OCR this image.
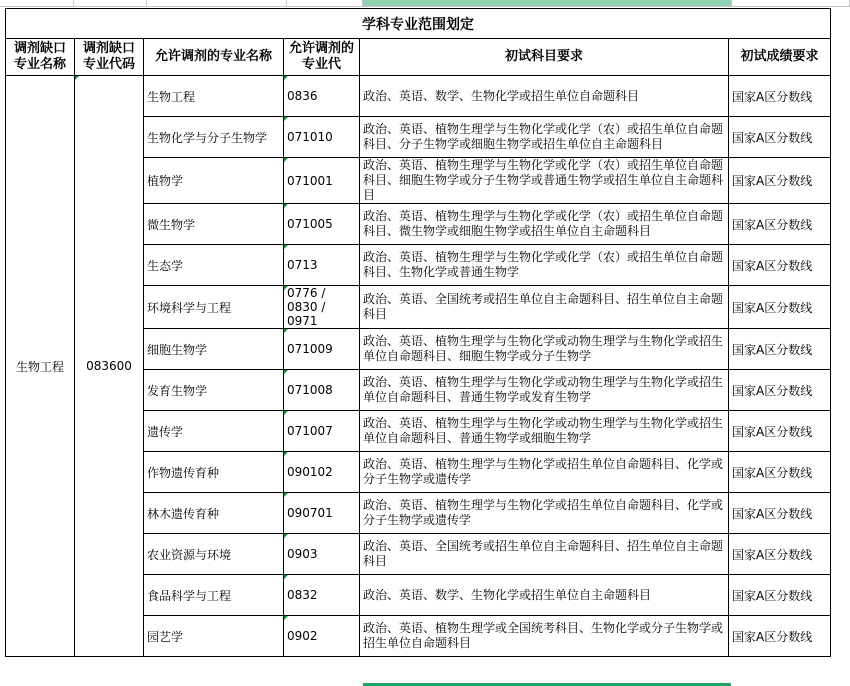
学科专业范围划定					
调剂缺口专业名称	调剂缺口专业代码	允许调剂的专业名称	允许调剂的专业代	初试科目要求	初试成绩要求
生物工程	083600	生物工程	0836	政治、英语、数学、生物化学或招生单位自命题科目	国家A区分数线
		生物化学与分子生物学	071010	政治、英语、植物生理学与生物化学或化学（农）或招生单位自命题科目、分子生物学或细胞生物学或招生单位自主命题科目	国家A区分数线
		植物学	071001	政治、英语、植物生理学与生物化学或化学（农）或招生单位自命题科目、细胞生物学或分子生物学或普通生物学或招生单位自主命题科目	国家A区分数线
		微生物学	071005	政治、英语、植物生理学与生物化学或化学（农）或招生单位自命题科目、微生物学或细胞生物学或招生单位自主命题科目	国家A区分数线
		生态学	0713	政治、英语、植物生理学与生物化学或化学（农）或招生单位自命题科目、生物化学或普通生物学	国家A区分数线
		环境科学与工程	0776 / 0830 / 0971	政治、英语、全国统考或招生单位自主命题科目、招生单位自主命题科目	国家A区分数线
		细胞生物学	071009	政治、英语、植物生理学与生物化学或动物生理学与生物化学或招生单位自命题科目、细胞生物学或分子生物学	国家A区分数线
		发育生物学	071008	政治、英语、植物生理学与生物化学或动物生理学与生物化学或招生单位自命题科目、普通生物学或发育生物学	国家A区分数线
		遗传学	071007	政治、英语、植物生理学与生物化学或动物生理学与生物化学或招生单位自命题科目、普通生物学或细胞生物学	国家A区分数线
		作物遗传育种	090102	政治、英语、植物生理学与生物化学或招生单位自命题科目、化学或分子生物学或遗传学	国家A区分数线
		林木遗传育种	090701	政治、英语、植物生理学与生物化学或招生单位自命题科目、化学或分子生物学或遗传学	国家A区分数线
		农业资源与环境	0903	政治、英语、全国统考或招生单位自主命题科目、招生单位自主命题科目	国家A区分数线
		食品科学与工程	0832	政治、英语、数学、生物化学或招生单位自主命题科目	国家A区分数线
		园艺学	0902	政治、英语、植物生理学或全国统考科目、生物化学或分子生物学或招生单位自命题科目	国家A区分数线
